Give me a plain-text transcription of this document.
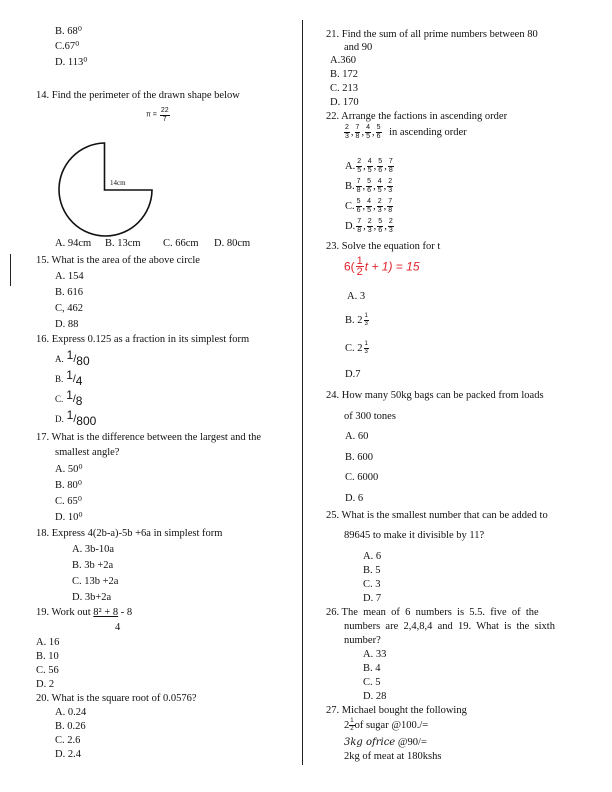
B. 68⁰
C.67⁰
D. 113⁰
14. Find the perimeter of the drawn shape below
$\pi = \frac{22}{7}$
14cm
A. 94cm	B. 13cm	C. 66cm	D. 80cm
15. What is the area of the above circle
A. 154
B. 616
C, 462
D. 88
16. Express 0.125 as a fraction in its simplest form
A. 1/80
B. 1/4
C. 1/8
D. 1/800
17. What is the difference between the largest and the
smallest angle?
A. 50⁰
B. 80⁰
C. 65⁰
D. 10⁰
18. Express 4(2b-a)-5b +6a in simplest form
A. 3b-10a
B. 3b +2a
C. 13b +2a
D. 3b+2a
19. Work out 8² + 8 - 8
4
A. 16
B. 10
C. 56
D. 2
20. What is the square root of 0.0576?
A. 0.24
B. 0.26
C. 2.6
D. 2.4
21. Find the sum of all prime numbers between 80
and 90
A.360
B. 172
C. 213
D. 170
22. Arrange the factions in ascending order
$\frac{2}{3}$ , $\frac{7}{8}$ , $\frac{4}{5}$ , $\frac{5}{6}$ in ascending order
A. $\frac{2}{5}$ , $\frac{4}{5}$ , $\frac{5}{6}$ , $\frac{7}{8}$
B. $\frac{7}{8}$ , $\frac{5}{6}$ , $\frac{4}{5}$ , $\frac{2}{3}$
C. $\frac{5}{6}$ , $\frac{4}{5}$ , $\frac{2}{3}$ , $\frac{7}{8}$
D. $\frac{7}{8}$ , $\frac{2}{3}$ , $\frac{5}{6}$ , $\frac{2}{3}$
23. Solve the equation for t
$6( \frac{1}{2}$ t + 1) = 15
A. 3
B. $2 \frac{1}{3}$
C. $2 \frac{1}{3}$
D.7
24. How many 50kg bags can be packed from loads
of 300 tones
A. 60
B. 600
C. 6000
D. 6
25. What is the smallest number that can be added to
89645 to make it divisible by 11?
A. 6
B. 5
C. 3
D. 7
26. The  mean  of  6  numbers  is  5.5.  five  of  the
numbers  are  2,4,8,4  and  19.  What  is  the  sixth
number?
A. 33
B. 4
C. 5
D. 28
27. Michael bought the following
$2 \frac{1}{2}$ of sugar @100./=
3kg ofrice @90/=
2kg of meat at 180kshs
